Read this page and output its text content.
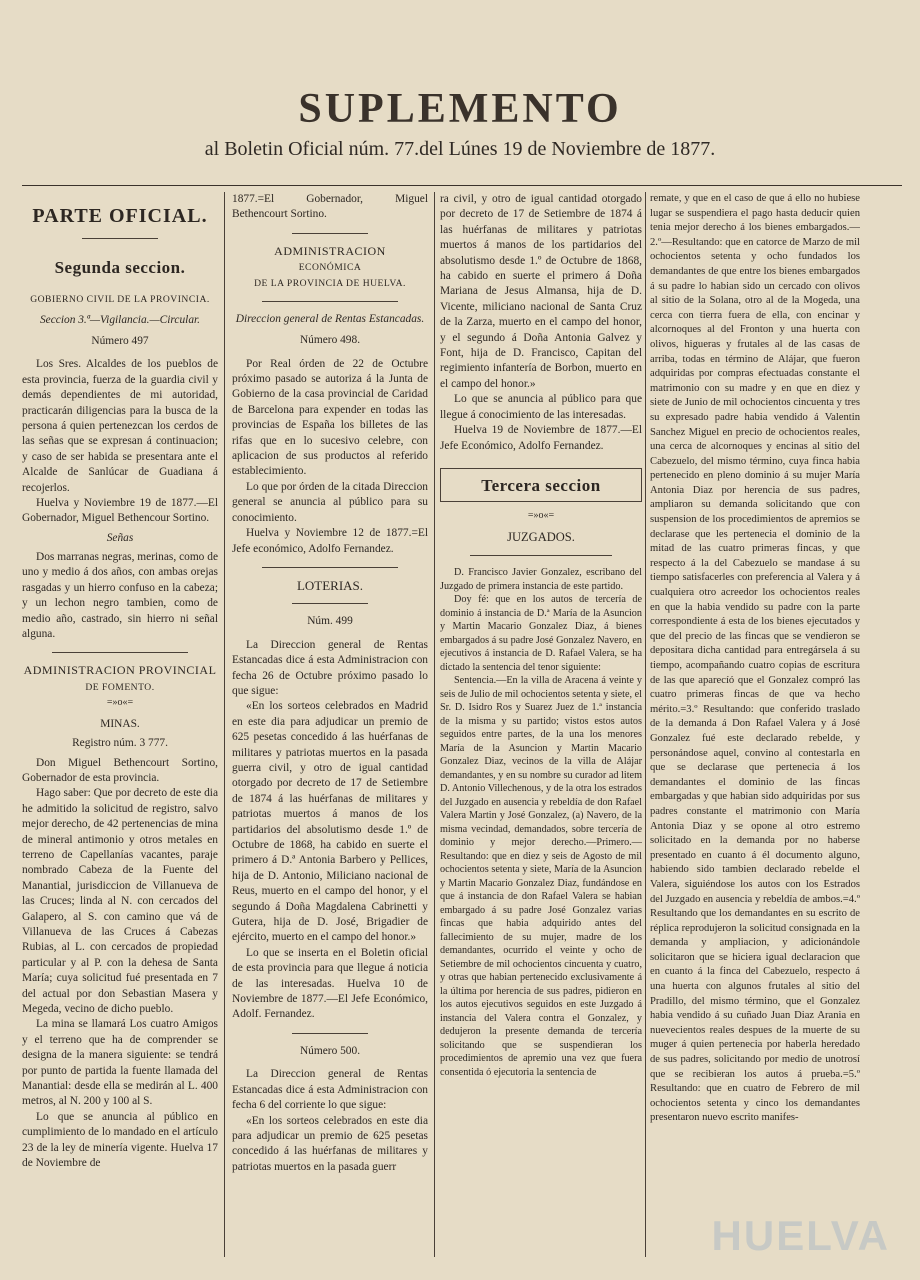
SUPLEMENTO
al Boletin Oficial núm. 77.del Lúnes 19 de Noviembre de 1877.
PARTE OFICIAL.
Segunda seccion.
GOBIERNO CIVIL DE LA PROVINCIA.
Seccion 3.ª—Vigilancia.—Circular.
Número 497

Los Sres. Alcaldes de los pueblos de esta provincia, fuerza de la guardia civil y demás dependientes de mi autoridad, practicarán diligencias para la busca de la persona á quien pertenezcan los cerdos de las señas que se expresan á continuacion; y caso de ser habida se presentara ante el Alcalde de Sanlúcar de Guadiana á recojerlos.

Huelva y Noviembre 19 de 1877.—El Gobernador, Miguel Bethencour Sortino.

Señas

Dos marranas negras, merinas, como de uno y medio á dos años, con ambas orejas rasgadas y un hierro confuso en la cabeza; y un lechon negro tambien, como de medio año, castrado, sin hierro ni señal alguna.

ADMINISTRACION PROVINCIAL
DE FOMENTO.
=»o«=
MINAS.
Registro núm. 3 777.

Don Miguel Bethencourt Sortino, Gobernador de esta provincia.

Hago saber: Que por decreto de este dia he admitido la solicitud de registro, salvo mejor derecho, de 42 pertenencias de mina de mineral antimonio y otros metales en terreno de Capellanías vacantes, paraje nombrado Cabeza de la Fuente del Manantial, jurisdiccion de Villanueva de las Cruces; linda al N. con cercados del Galapero, al S. con camino que vá de Villanueva de las Cruces á Cabezas Rubias, al L. con cercados de propiedad particular y al P. con la dehesa de Santa María; cuya solicitud fué presentada en 7 del actual por don Sebastian Masera y Megeda, vecino de dicho pueblo.

La mina se llamará Los cuatro Amigos y el terreno que ha de comprender se designa de la manera siguiente: se tendrá por punto de partida la fuente llamada del Manantial: desde ella se medirán al L. 400 metros, al N. 200 y 100 al S.

Lo que se anuncia al público en cumplimiento de lo mandado en el artículo 23 de la ley de minería vigente. Huelva 17 de Noviembre de

1877.=El Gobernador, Miguel Bethencourt Sortino.

ADMINISTRACION
ECONÓMICA
DE LA PROVINCIA DE HUELVA.
Direccion general de Rentas Estancadas.
Número 498.

Por Real órden de 22 de Octubre próximo pasado se autoriza á la Junta de Gobierno de la casa provincial de Caridad de Barcelona para expender en todas las provincias de España los billetes de las rifas que en lo sucesivo celebre, con aplicacion de sus productos al referido establecimiento.

Lo que por órden de la citada Direccion general se anuncia al público para su conocimiento.

Huelva y Noviembre 12 de 1877.=El Jefe económico, Adolfo Fernandez.

LOTERIAS.
Núm. 499

La Direccion general de Rentas Estancadas dice á esta Administracion con fecha 26 de Octubre próximo pasado lo que sigue:

«En los sorteos celebrados en Madrid en este dia para adjudicar un premio de 625 pesetas concedido á las huérfanas de militares y patriotas muertos en la pasada guerra civil, y otro de igual cantidad otorgado por decreto de 17 de Setiembre de 1874 á las huérfanas de militares y patriotas muertos á manos de los partidarios del absolutismo desde 1.º de Octubre de 1868, ha cabido en suerte el primero á D.ª Antonia Barbero y Pellices, hija de D. Antonio, Miliciano nacional de Reus, muerto en el campo del honor, y el segundo á Doña Magdalena Cabrinetti y Gutera, hija de D. José, Brigadier de ejército, muerto en el campo del honor.»

Lo que se inserta en el Boletin oficial de esta provincia para que llegue á noticia de las interesadas. Huelva 10 de Noviembre de 1877.—El Jefe Económico, Adolf. Fernandez.

Número 500.

La Direccion general de Rentas Estancadas dice á esta Administracion con fecha 6 del corriente lo que sigue:

«En los sorteos celebrados en este dia para adjudicar un premio de 625 pesetas concedido á las huérfanas de militares y patriotas muertos en la pasada guerr

ra civil, y otro de igual cantidad otorgado por decreto de 17 de Setiembre de 1874 á las huérfanas de militares y patriotas muertos á manos de los partidarios del absolutismo desde 1.º de Octubre de 1868, ha cabido en suerte el primero á Doña Mariana de Jesus Almansa, hija de D. Vicente, miliciano nacional de Santa Cruz de la Zarza, muerto en el campo del honor, y el segundo á Doña Antonia Galvez y Font, hija de D. Francisco, Capitan del regimiento infantería de Borbon, muerto en el campo del honor.»

Lo que se anuncia al público para que llegue á conocimiento de las interesadas.

Huelva 19 de Noviembre de 1877.—El Jefe Económico, Adolfo Fernandez.

Tercera seccion
=»o«=
JUZGADOS.

D. Francisco Javier Gonzalez, escribano del Juzgado de primera instancia de este partido.

Doy fé: que en los autos de tercería de dominio á instancia de D.ª María de la Asuncion y Martin Macario Gonzalez Diaz, á bienes embargados á su padre José Gonzalez Navero, en ejecutivos á instancia de D. Rafael Valera, se ha dictado la sentencia del tenor siguiente:

Sentencia.—En la villa de Aracena á veinte y seis de Julio de mil ochocientos setenta y siete, el Sr. D. Isidro Ros y Suarez Juez de 1.ª instancia de la misma y su partido; vistos estos autos seguidos entre partes, de la una los menores María de la Asuncion y Martin Macario Gonzalez Diaz, vecinos de la villa de Alájar demandantes, y en su nombre su curador ad litem D. Antonio Villechenous, y de la otra los estrados del Juzgado en ausencia y rebeldía de don Rafael Valera Martin y José Gonzalez, (a) Navero, de la misma vecindad, demandados, sobre tercería de dominio y mejor derecho.—Primero.—Resultando: que en diez y seis de Agosto de mil ochocientos setenta y siete, María de la Asuncion y Martin Macario Gonzalez Diaz, fundándose en que á instancia de don Rafael Valera se habian embargado á su padre José Gonzalez varias fincas que habia adquirido antes del fallecimiento de su mujer, madre de los demandantes, ocurrido el veinte y ocho de Setiembre de mil ochocientos cincuenta y cuatro, y otras que habian pertenecido exclusivamente á la última por herencia de sus padres, pidieron en los autos ejecutivos seguidos en este Juzgado á instancia del Valera contra el Gonzalez, y dedujeron la presente demanda de tercería solicitando que se suspendieran los procedimientos de apremio una vez que fuera consentida ó ejecutoria la sentencia de

remate, y que en el caso de que á ello no hubiese lugar se suspendiera el pago hasta deducir quien tenia mejor derecho á los bienes embargados.—2.º—Resultando: que en catorce de Marzo de mil ochocientos setenta y ocho fundados los demandantes de que entre los bienes embargados á su padre lo habian sido un cercado con olivos al sitio de la Solana, otro al de la Mogeda, una cerca con tierra fuera de ella, con encinar y alcornoques al del Fronton y una huerta con olivos, higueras y frutales al de las casas de arriba, todas en término de Alájar, que fueron adquiridas por compras efectuadas constante el matrimonio con su madre y en que en diez y siete de Junio de mil ochocientos cincuenta y tres su expresado padre habia vendido á Valentin Sanchez Miguel en precio de ochocientos reales, una cerca de alcornoques y encinas al sitio del Cabezuelo, del mismo término, cuya finca habia pertenecido en pleno dominio á su mujer María Antonia Diaz por herencia de sus padres, ampliaron su demanda solicitando que con suspension de los procedimientos de apremios se declarase que les pertenecia el dominio de la mitad de las cuatro primeras fincas, y que respecto á la del Cabezuelo se mandase á su tiempo satisfacerles con preferencia al Valera y á cualquiera otro acreedor los ochocientos reales en que la habia vendido su padre con la parte correspondiente á esta de los bienes ejecutados y que del precio de las fincas que se vendieron se depositara dicha cantidad para entregársela á su tiempo, acompañando cuatro copias de escritura de las que aparecíó que el Gonzalez compró las cuatro primeras fincas de que va hecho mérito.=3.º Resultando: que conferido traslado de la demanda á Don Rafael Valera y á José Gonzalez fué este declarado rebelde, y personándose aquel, convino al contestarla en que se declarase que pertenecia á los demandantes el dominio de las fincas embargadas y que habian sido adquiridas por sus padres constante el matrimonio con María Antonia Diaz y se opone al otro estremo solicitado en la demanda por no haberse presentado en cuanto á él documento alguno, habiendo sido tambien declarado rebelde el Valera, siguiéndose los autos con los Estrados del Juzgado en ausencia y rebeldía de ambos.=4.º Resultando que los demandantes en su escrito de réplica reprodujeron la solicitud consignada en la demanda y ampliacion, y adicionándole solicitaron que se hiciera igual declaracion que en cuanto á la finca del Cabezuelo, respecto á una huerta con algunos frutales al sitio del Pradillo, del mismo término, que el Gonzalez habia vendido á su cuñado Juan Diaz Arania en nuevecientos reales despues de la muerte de su muger á quien pertenecia por haberla heredado de sus padres, solicitando por medio de unotrosí que se recibieran los autos á prueba.=5.º Resultando: que en cuatro de Febrero de mil ochocientos setenta y cinco los demandantes presentaron nuevo escrito manifes-

HUELVA
